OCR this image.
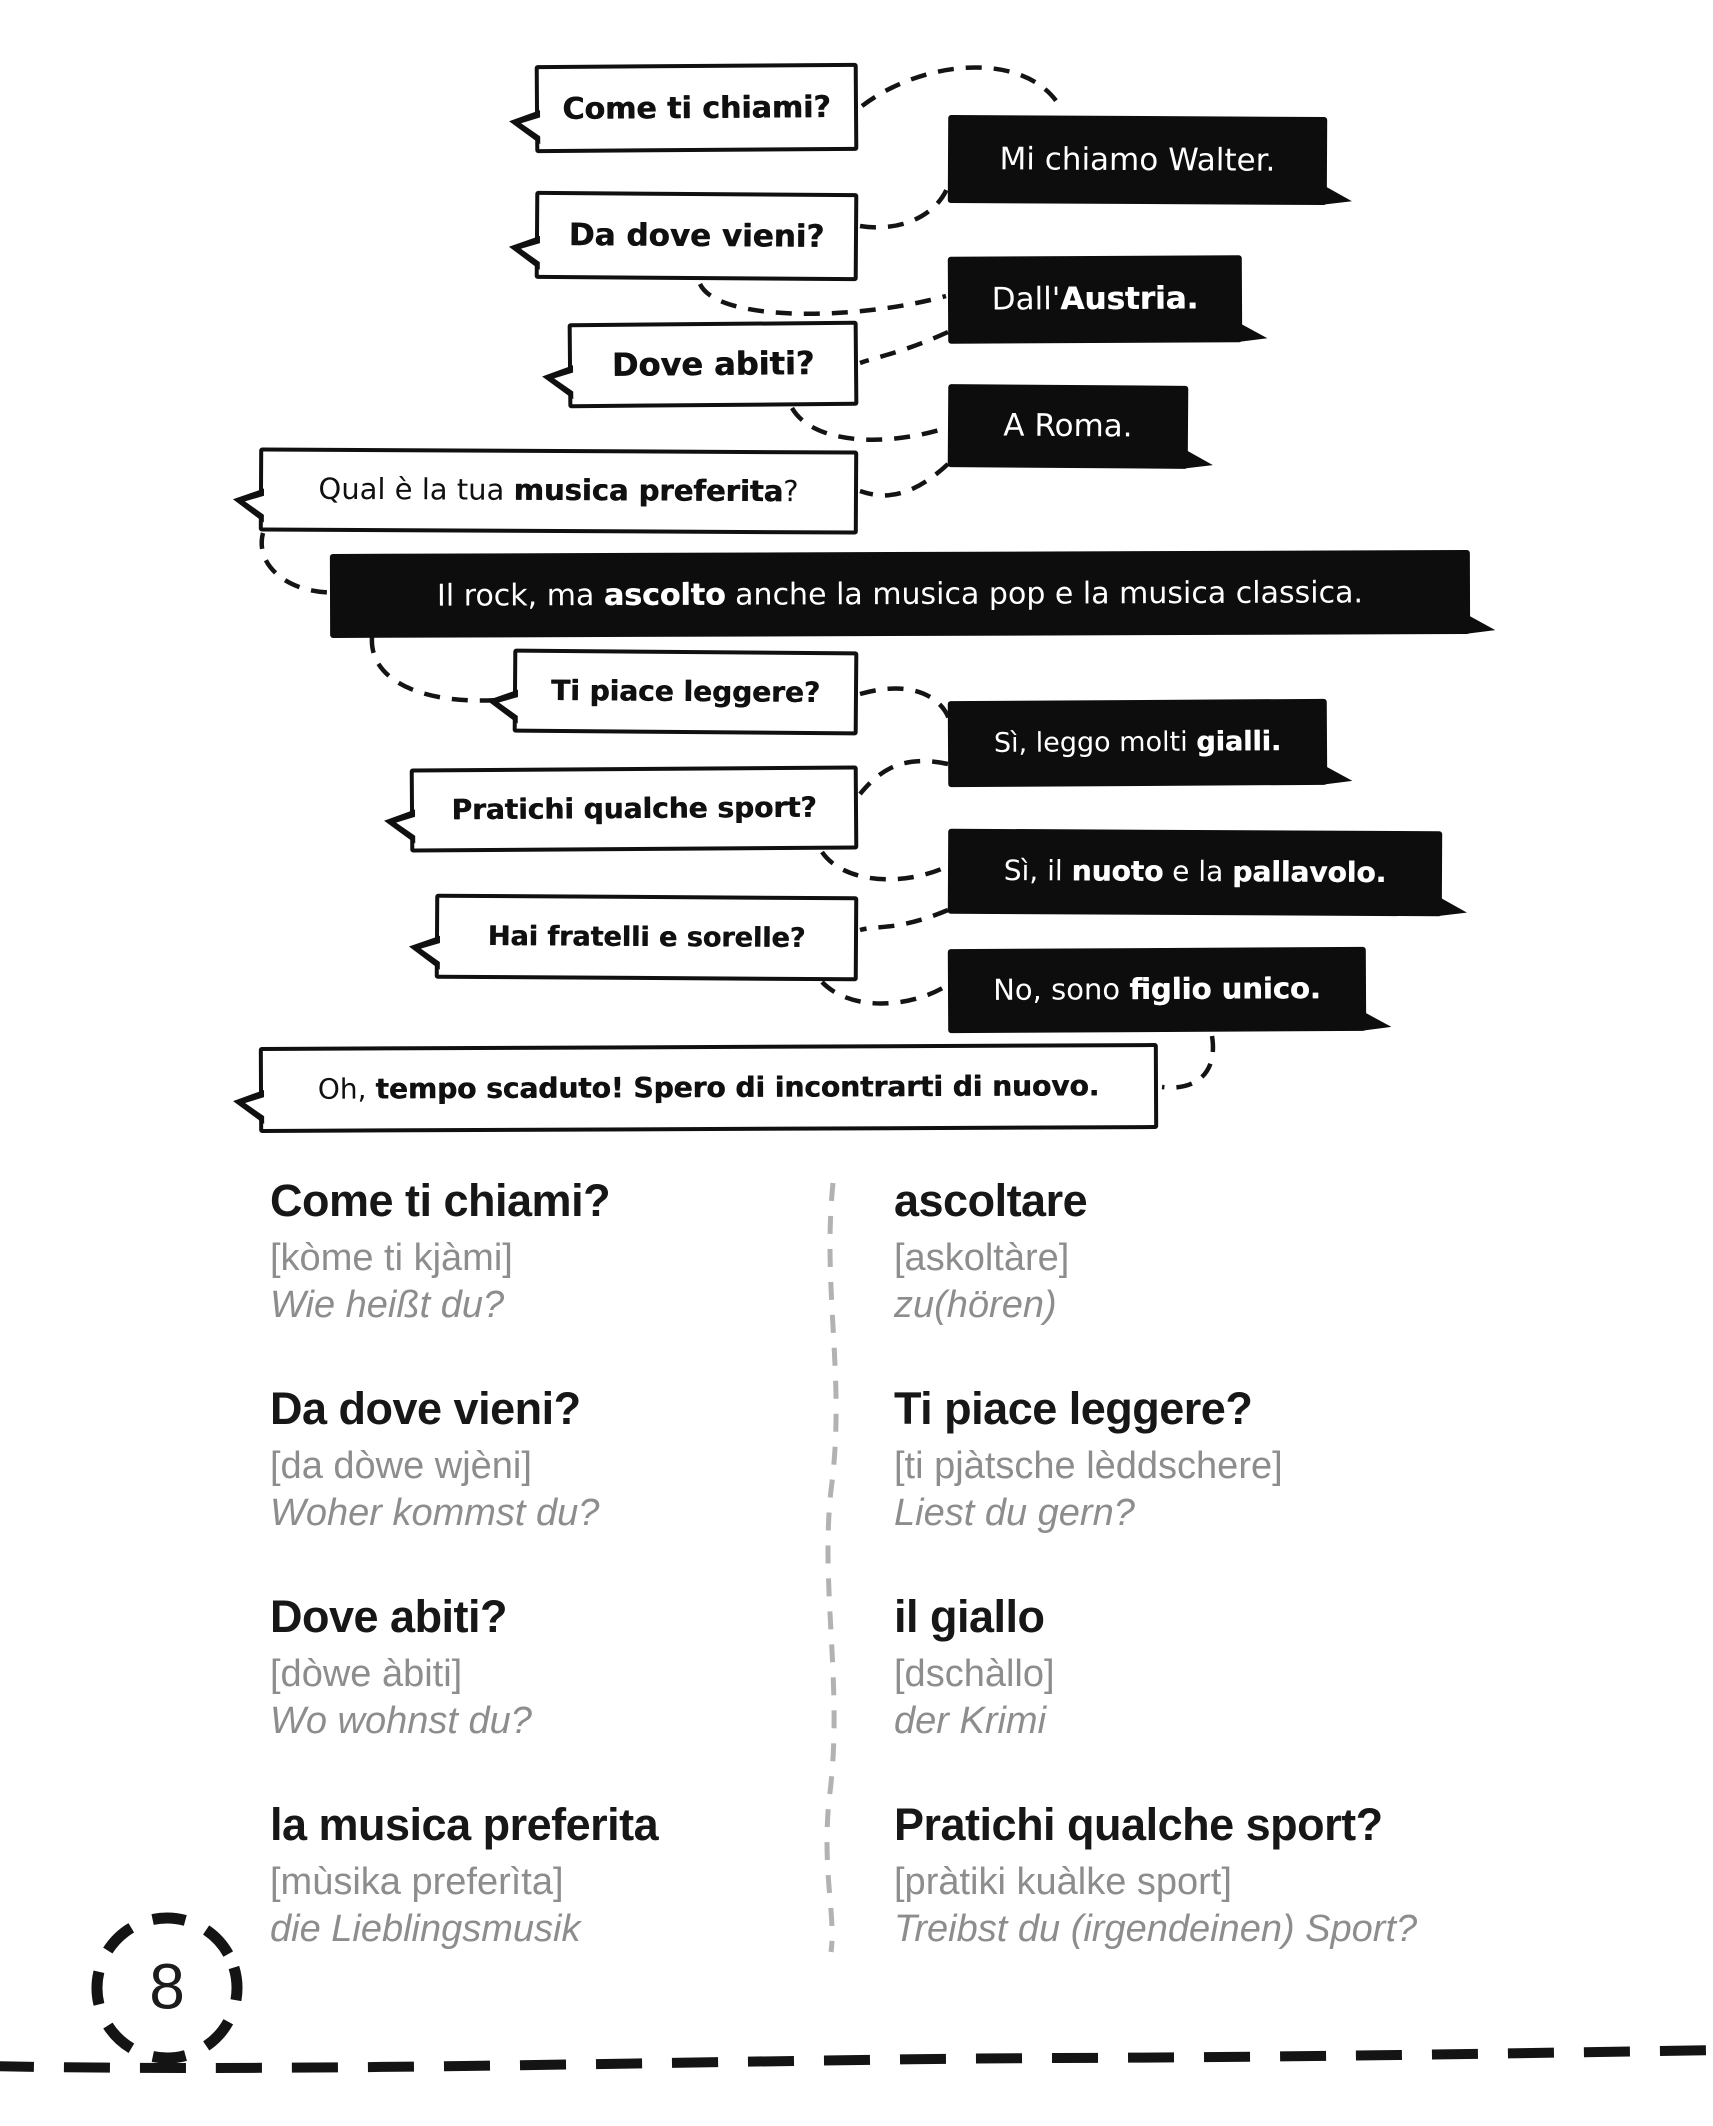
Come ti chiami?
Mi chiamo Walter.
Da dove vieni?
Dall'Austria.
Dove abiti?
A Roma.
Qual è la tua musica preferita?
Il rock, ma ascolto anche la musica pop e la musica classica.
Ti piace leggere?
Sì, leggo molti gialli.
Pratichi qualche sport?
Sì, il nuoto e la pallavolo.
Hai fratelli e sorelle?
No, sono figlio unico.
Oh, tempo scaduto! Spero di incontrarti di nuovo.
Come ti chiami?
[kòme ti kjàmi]
Wie heißt du?
Da dove vieni?
[da dòwe wjèni]
Woher kommst du?
Dove abiti?
[dòwe àbiti]
Wo wohnst du?
la musica preferita
[mùsika preferìta]
die Lieblingsmusik
ascoltare
[askoltàre]
zu(hören)
Ti piace leggere?
[ti pjàtsche lèddschere]
Liest du gern?
il giallo
[dschàllo]
der Krimi
Pratichi qualche sport?
[pràtiki kuàlke sport]
Treibst du (irgendeinen) Sport?
8
